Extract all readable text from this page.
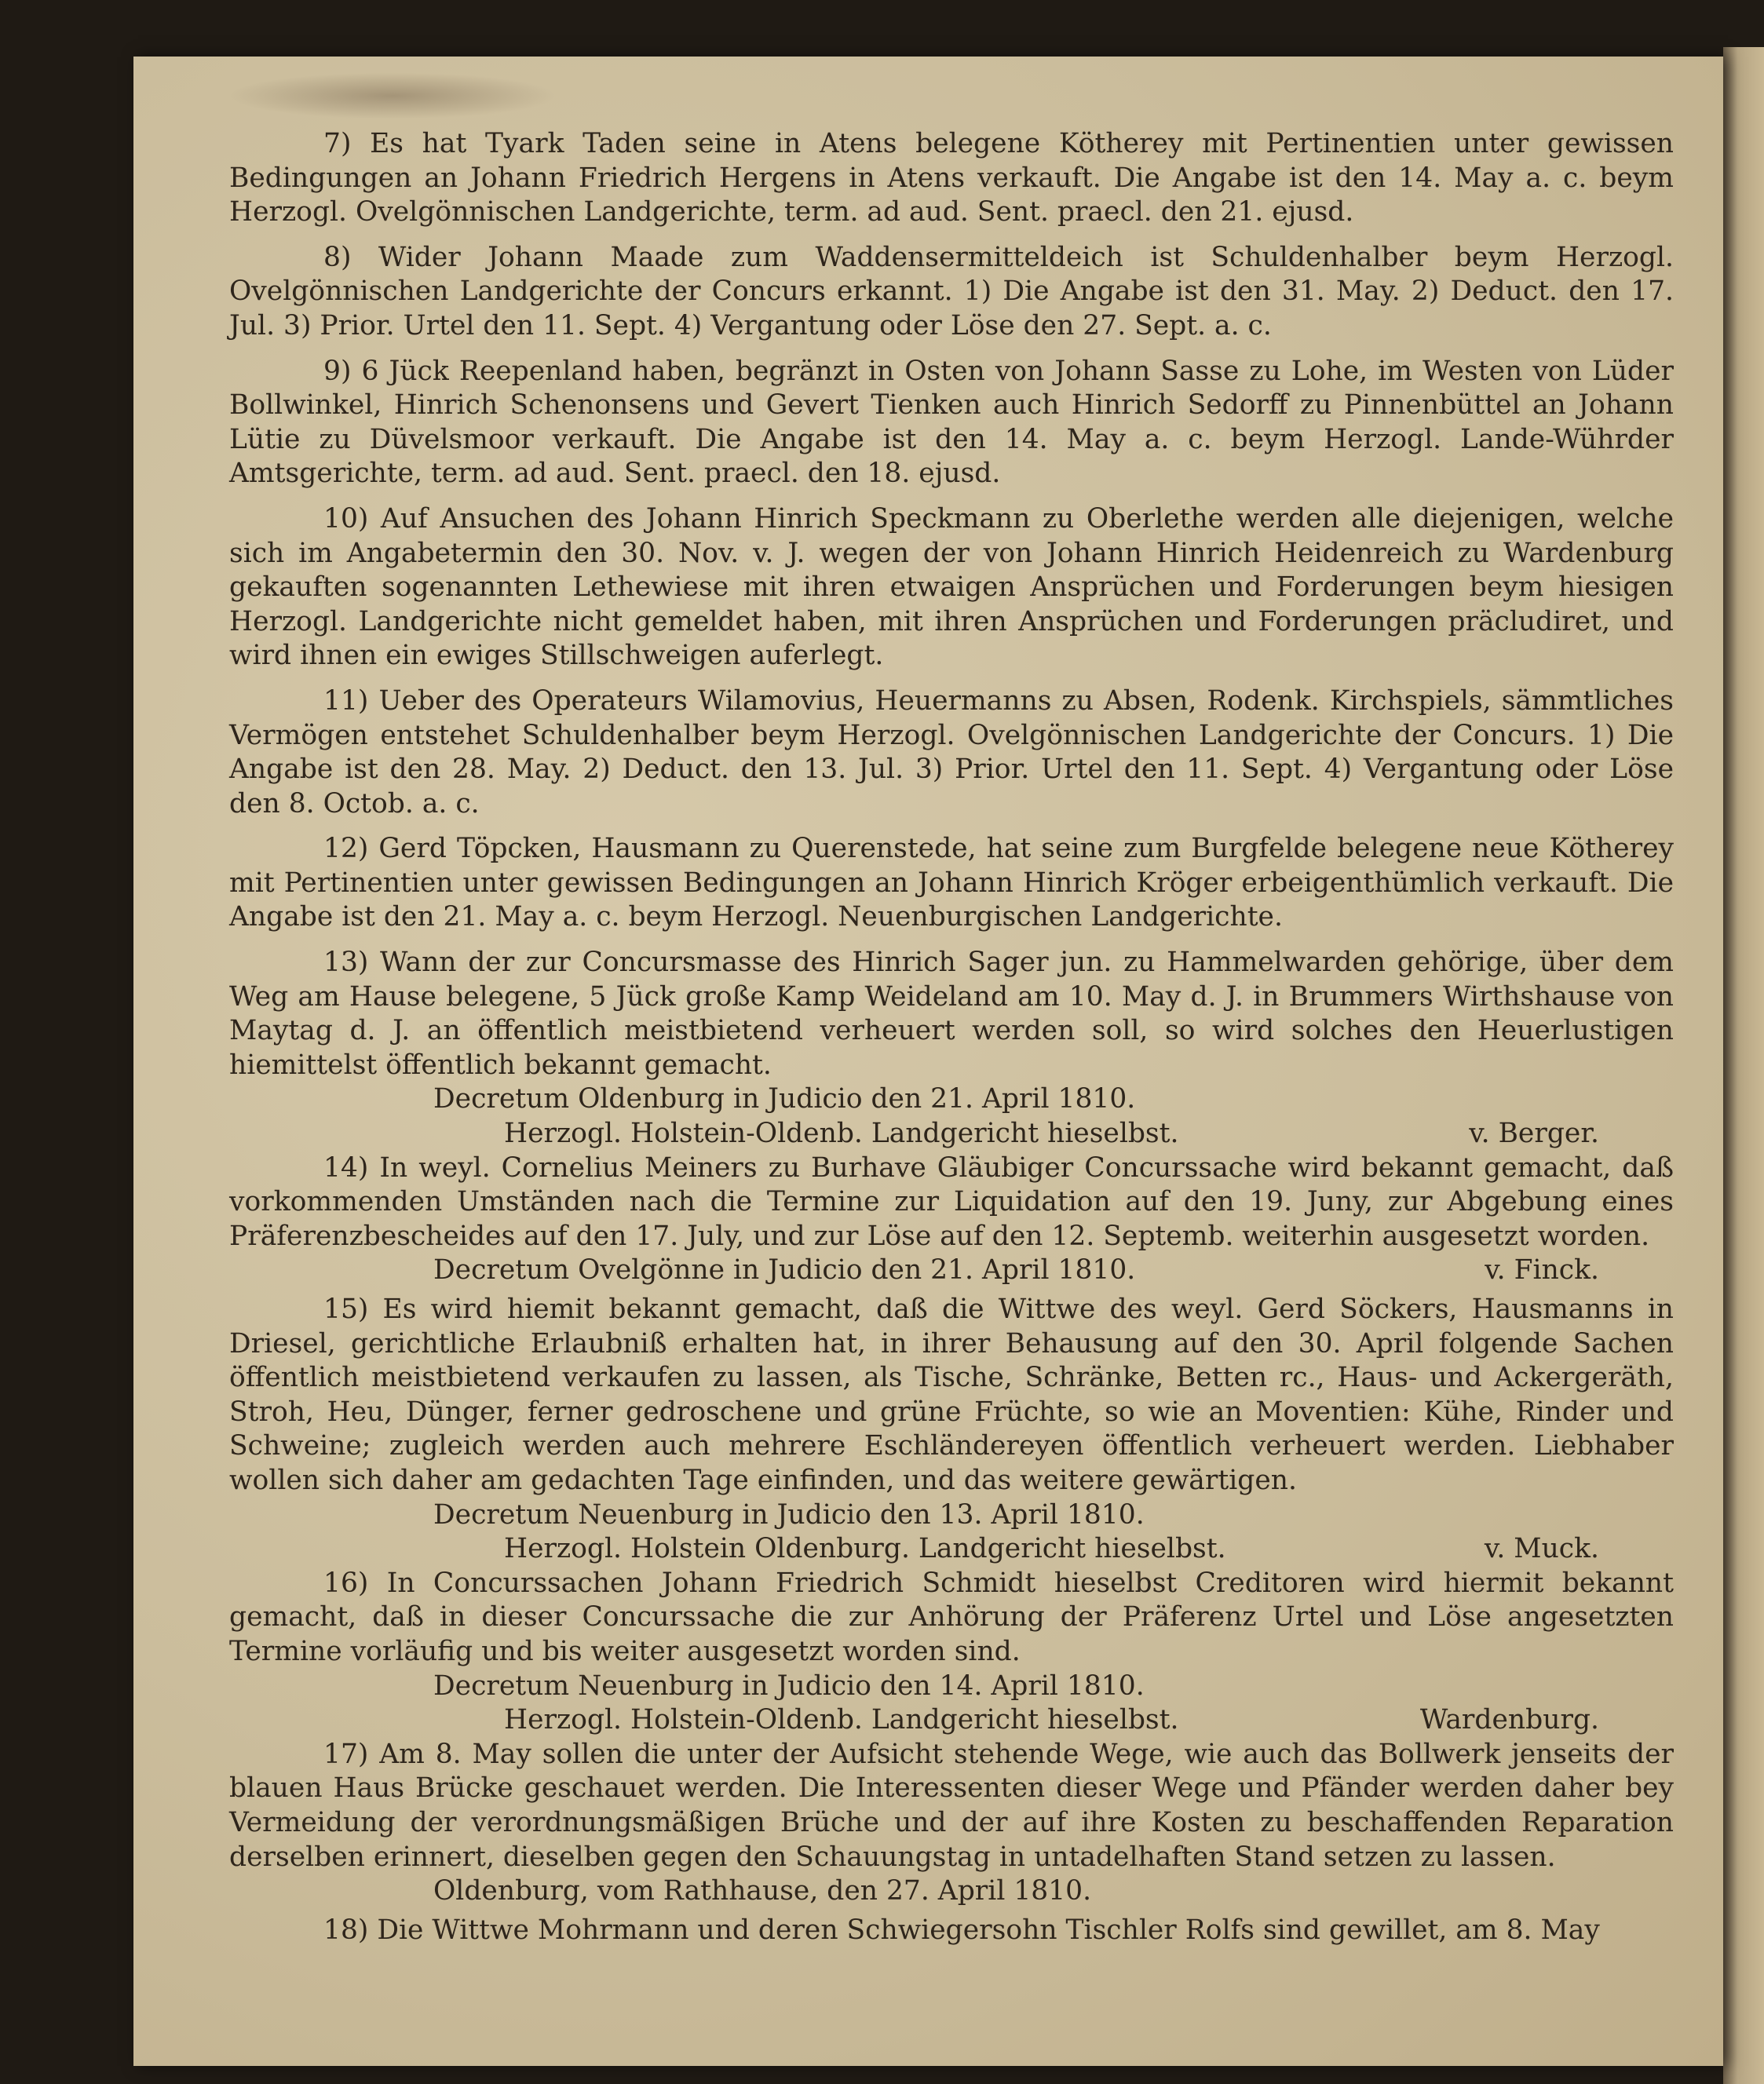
7) Es hat Tyark Taden seine in Atens belegene Kötherey mit Pertinentien unter gewissen Bedingungen an Johann Friedrich Hergens in Atens verkauft. Die Angabe ist den 14. May a. c. beym Herzogl. Ovelgönnischen Landgerichte, term. ad aud. Sent. praecl. den 21. ejusd.

8) Wider Johann Maade zum Waddensermitteldeich ist Schuldenhalber beym Herzogl. Ovelgönnischen Landgerichte der Concurs erkannt. 1) Die Angabe ist den 31. May. 2) Deduct. den 17. Jul. 3) Prior. Urtel den 11. Sept. 4) Vergantung oder Löse den 27. Sept. a. c.

9) 6 Jück Reepenland haben, begränzt in Osten von Johann Sasse zu Lohe, im Westen von Lüder Bollwinkel, Hinrich Schenonsens und Gevert Tienken auch Hinrich Sedorff zu Pinnenbüttel an Johann Lütie zu Düvelsmoor verkauft. Die Angabe ist den 14. May a. c. beym Herzogl. Lande-Wührder Amtsgerichte, term. ad aud. Sent. praecl. den 18. ejusd.

10) Auf Ansuchen des Johann Hinrich Speckmann zu Oberlethe werden alle diejenigen, welche sich im Angabetermin den 30. Nov. v. J. wegen der von Johann Hinrich Heidenreich zu Wardenburg gekauften sogenannten Lethewiese mit ihren etwaigen Ansprüchen und Forderungen beym hiesigen Herzogl. Landgerichte nicht gemeldet haben, mit ihren Ansprüchen und Forderungen präcludiret, und wird ihnen ein ewiges Stillschweigen auferlegt.

11) Ueber des Operateurs Wilamovius, Heuermanns zu Absen, Rodenk. Kirchspiels, sämmtliches Vermögen entstehet Schuldenhalber beym Herzogl. Ovelgönnischen Landgerichte der Concurs. 1) Die Angabe ist den 28. May. 2) Deduct. den 13. Jul. 3) Prior. Urtel den 11. Sept. 4) Vergantung oder Löse den 8. Octob. a. c.

12) Gerd Töpcken, Hausmann zu Querenstede, hat seine zum Burgfelde belegene neue Kötherey mit Pertinentien unter gewissen Bedingungen an Johann Hinrich Kröger erbeigenthümlich verkauft. Die Angabe ist den 21. May a. c. beym Herzogl. Neuenburgischen Landgerichte.

13) Wann der zur Concursmasse des Hinrich Sager jun. zu Hammelwarden gehörige, über dem Weg am Hause belegene, 5 Jück große Kamp Weideland am 10. May d. J. in Brummers Wirthshause von Maytag d. J. an öffentlich meistbietend verheuert werden soll, so wird solches den Heuerlustigen hiemittelst öffentlich bekannt gemacht.

Decretum Oldenburg in Judicio den 21. April 1810.
Herzogl. Holstein-Oldenb. Landgericht hieselbst.	v. Berger.

14) In weyl. Cornelius Meiners zu Burhave Gläubiger Concurssache wird bekannt gemacht, daß vorkommenden Umständen nach die Termine zur Liquidation auf den 19. Juny, zur Abgebung eines Präferenzbescheides auf den 17. July, und zur Löse auf den 12. Septemb. weiterhin ausgesetzt worden.

Decretum Ovelgönne in Judicio den 21. April 1810.	v. Finck.

15) Es wird hiemit bekannt gemacht, daß die Wittwe des weyl. Gerd Söckers, Hausmanns in Driesel, gerichtliche Erlaubniß erhalten hat, in ihrer Behausung auf den 30. April folgende Sachen öffentlich meistbietend verkaufen zu lassen, als Tische, Schränke, Betten rc., Haus- und Ackergeräth, Stroh, Heu, Dünger, ferner gedroschene und grüne Früchte, so wie an Moventien: Kühe, Rinder und Schweine; zugleich werden auch mehrere Eschländereyen öffentlich verheuert werden. Liebhaber wollen sich daher am gedachten Tage einfinden, und das weitere gewärtigen.

Decretum Neuenburg in Judicio den 13. April 1810.
Herzogl. Holstein Oldenburg. Landgericht hieselbst.	v. Muck.

16) In Concurssachen Johann Friedrich Schmidt hieselbst Creditoren wird hiermit bekannt gemacht, daß in dieser Concurssache die zur Anhörung der Präferenz Urtel und Löse angesetzten Termine vorläufig und bis weiter ausgesetzt worden sind.

Decretum Neuenburg in Judicio den 14. April 1810.
Herzogl. Holstein-Oldenb. Landgericht hieselbst.	Wardenburg.

17) Am 8. May sollen die unter der Aufsicht stehende Wege, wie auch das Bollwerk jenseits der blauen Haus Brücke geschauet werden. Die Interessenten dieser Wege und Pfänder werden daher bey Vermeidung der verordnungsmäßigen Brüche und der auf ihre Kosten zu beschaffenden Reparation derselben erinnert, dieselben gegen den Schauungstag in untadelhaften Stand setzen zu lassen.

Oldenburg, vom Rathhause, den 27. April 1810.

18) Die Wittwe Mohrmann und deren Schwiegersohn Tischler Rolfs sind gewillet, am 8. May
